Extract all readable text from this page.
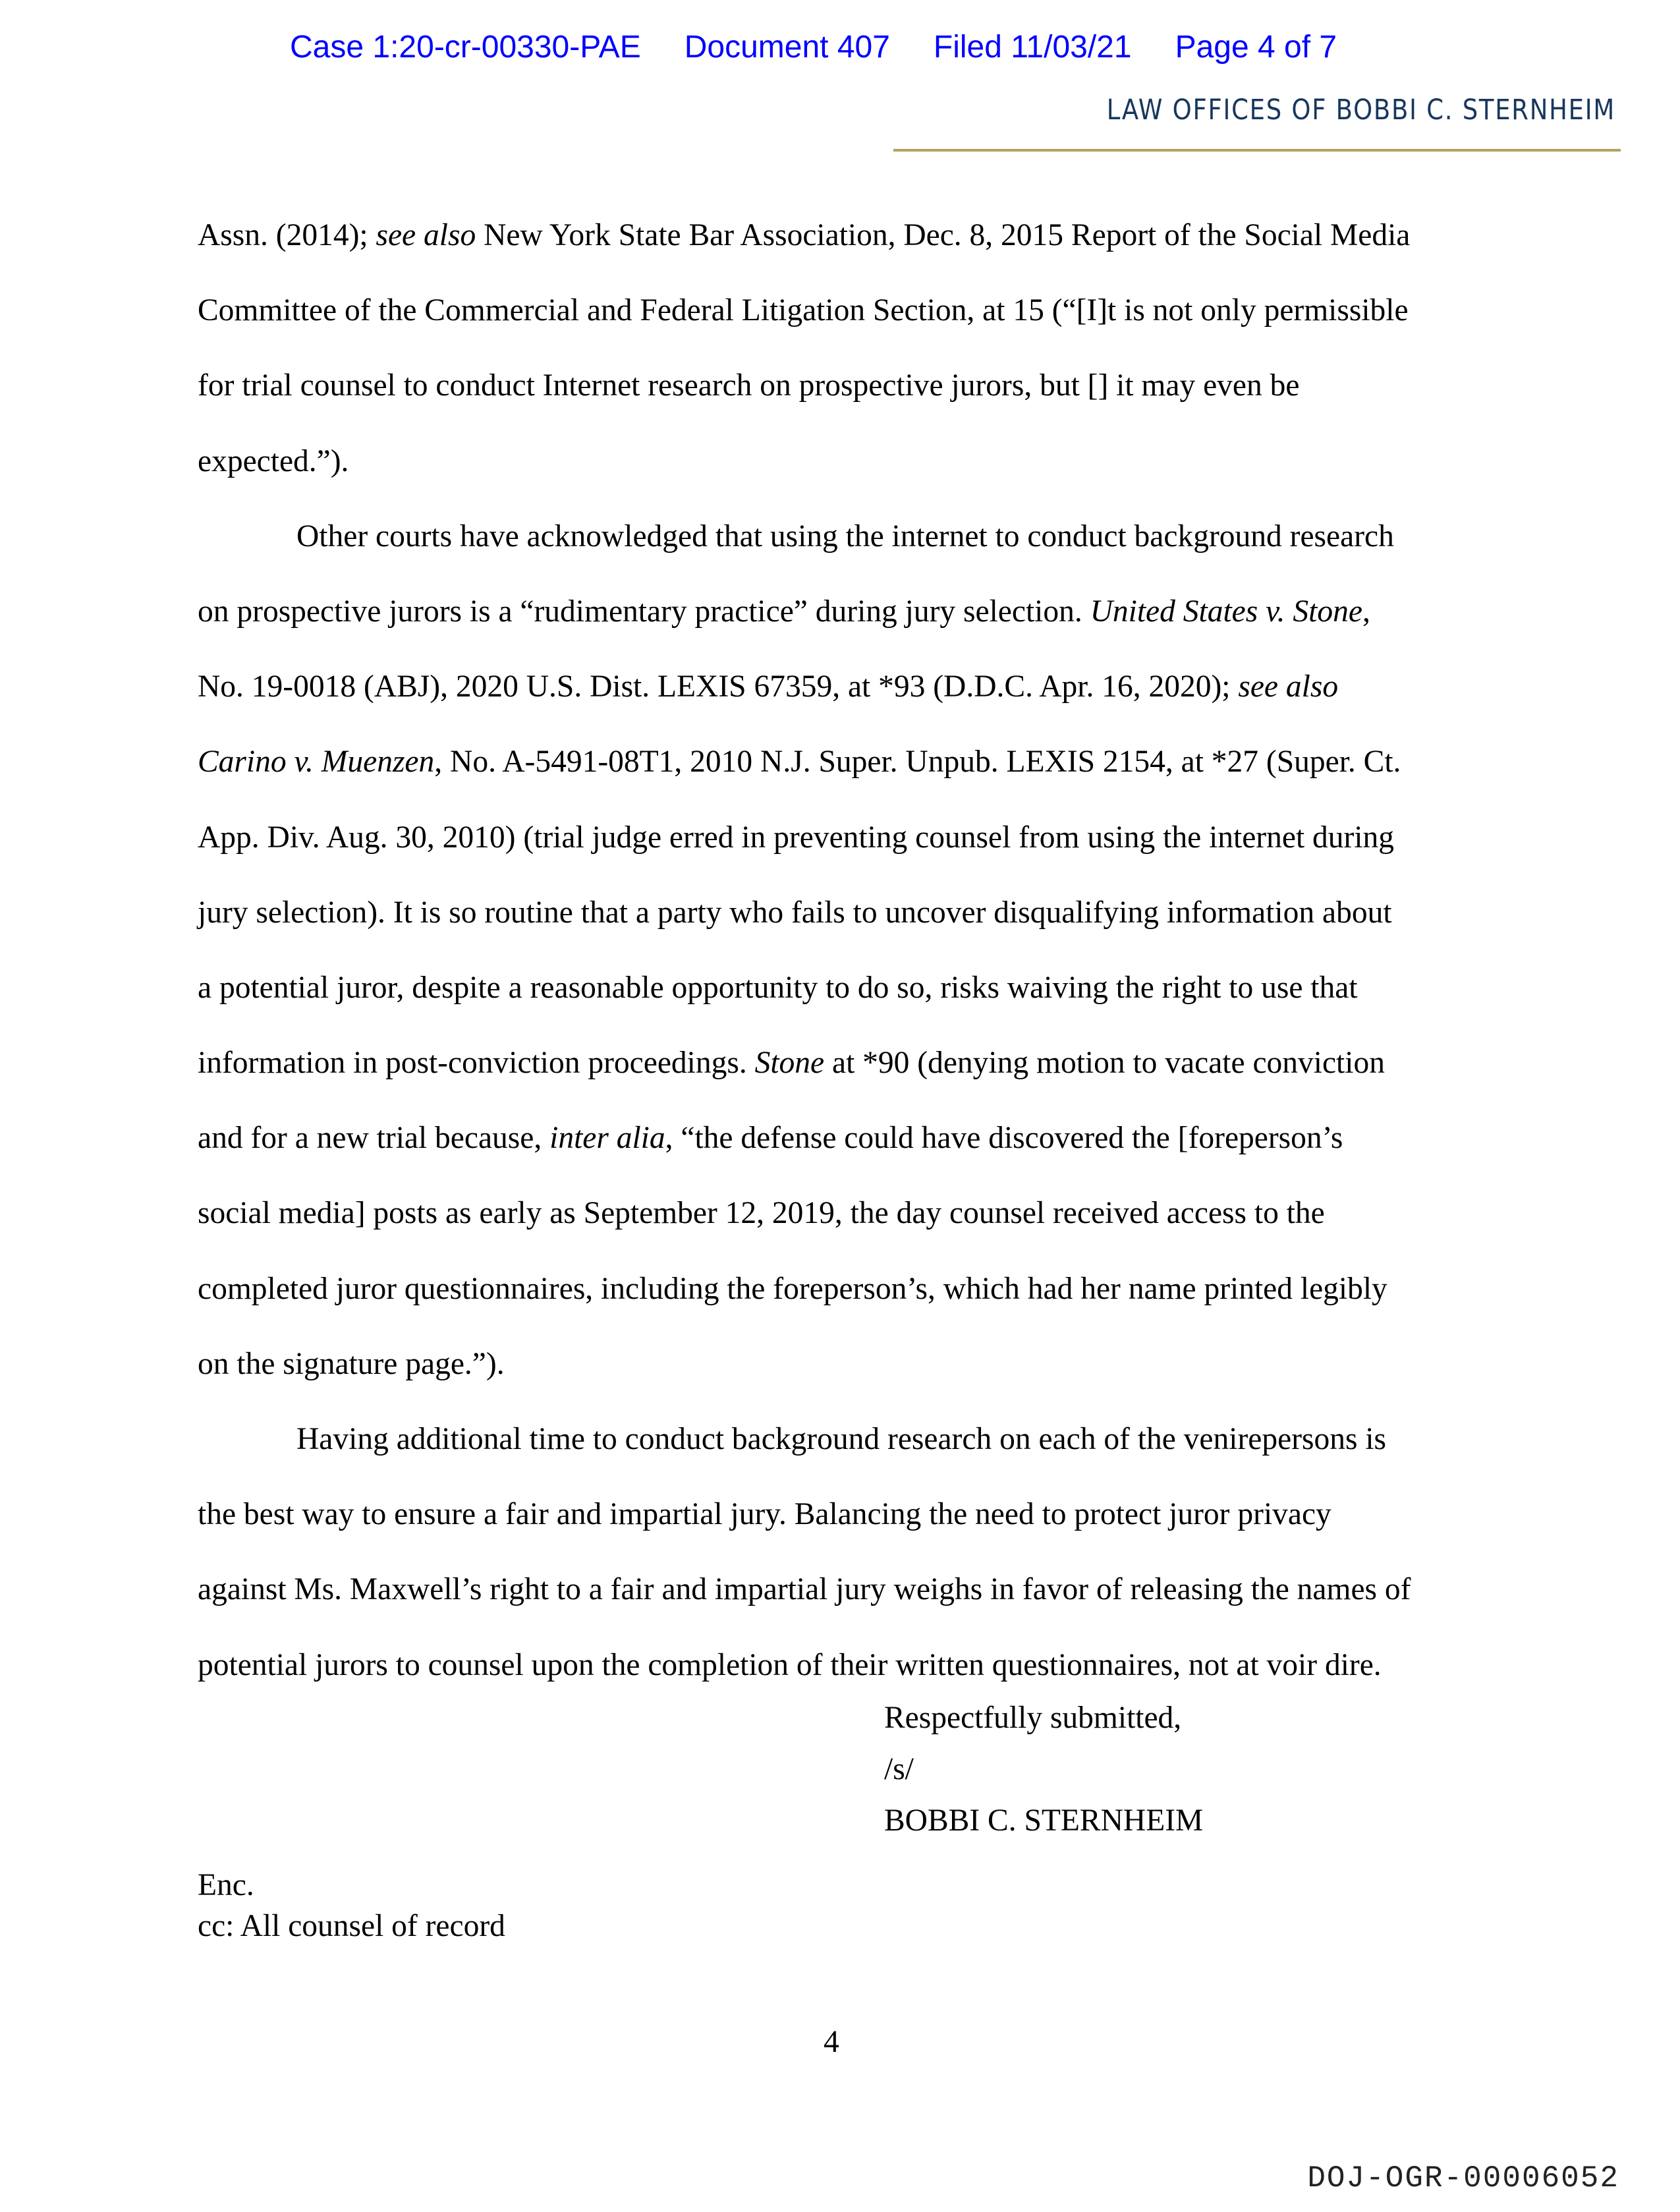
Case 1:20-cr-00330-PAE Document 407 Filed 11/03/21 Page 4 of 7
LAW OFFICES OF BOBBI C. STERNHEIM
Assn. (2014); see also New York State Bar Association, Dec. 8, 2015 Report of the Social Media
Committee of the Commercial and Federal Litigation Section, at 15 (“[I]t is not only permissible
for trial counsel to conduct Internet research on prospective jurors, but [] it may even be
expected.”).
Other courts have acknowledged that using the internet to conduct background research
on prospective jurors is a “rudimentary practice” during jury selection. United States v. Stone,
No. 19-0018 (ABJ), 2020 U.S. Dist. LEXIS 67359, at *93 (D.D.C. Apr. 16, 2020); see also
Carino v. Muenzen, No. A-5491-08T1, 2010 N.J. Super. Unpub. LEXIS 2154, at *27 (Super. Ct.
App. Div. Aug. 30, 2010) (trial judge erred in preventing counsel from using the internet during
jury selection). It is so routine that a party who fails to uncover disqualifying information about
a potential juror, despite a reasonable opportunity to do so, risks waiving the right to use that
information in post-conviction proceedings. Stone at *90 (denying motion to vacate conviction
and for a new trial because, inter alia, “the defense could have discovered the [foreperson’s
social media] posts as early as September 12, 2019, the day counsel received access to the
completed juror questionnaires, including the foreperson’s, which had her name printed legibly
on the signature page.”).
Having additional time to conduct background research on each of the venirepersons is
the best way to ensure a fair and impartial jury. Balancing the need to protect juror privacy
against Ms. Maxwell’s right to a fair and impartial jury weighs in favor of releasing the names of
potential jurors to counsel upon the completion of their written questionnaires, not at voir dire.
Respectfully submitted,
/s/
BOBBI C. STERNHEIM
Enc.
cc: All counsel of record
4
DOJ-OGR-00006052
